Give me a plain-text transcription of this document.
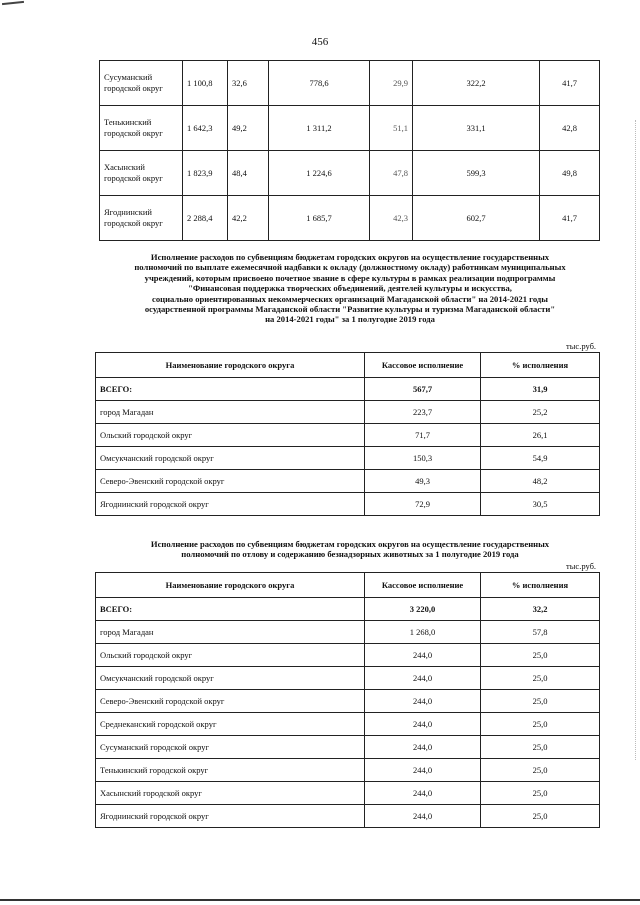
456
Сусуманский городской округ	1 100,8	32,6	778,6	29,9	322,2	41,7
Тенькинский городской округ	1 642,3	49,2	1 311,2	51,1	331,1	42,8
Хасынский городской округ	1 823,9	48,4	1 224,6	47,8	599,3	49,8
Ягоднинский городской округ	2 288,4	42,2	1 685,7	42,3	602,7	41,7
Исполнение расходов по субвенциям бюджетам городских округов на осуществление государственных
полномочий по выплате ежемесячной надбавки к окладу (должностному окладу) работникам муниципальных
учреждений, которым присвоено почетное звание в сфере культуры в рамках реализации подпрограммы
"Финансовая поддержка творческих объединений, деятелей культуры и искусства,
социально ориентированных некоммерческих организаций Магаданской области" на 2014-2021 годы
осударственной программы Магаданской области "Развитие культуры и туризма Магаданской области"
на 2014-2021 годы" за 1 полугодие 2019 года
тыс.руб.
Наименование городского округа	Кассовое исполнение	% исполнения
ВСЕГО:	567,7	31,9
город Магадан	223,7	25,2
Ольский городской округ	71,7	26,1
Омсукчанский городской округ	150,3	54,9
Северо-Эвенский городской округ	49,3	48,2
Ягоднинский городской округ	72,9	30,5
Исполнение расходов по субвенциям бюджетам городских округов на осуществление государственных
полномочий по отлову и содержанию безнадзорных животных за 1 полугодие 2019 года
тыс.руб.
Наименование городского округа	Кассовое исполнение	% исполнения
ВСЕГО:	3 220,0	32,2
город Магадан	1 268,0	57,8
Ольский городской округ	244,0	25,0
Омсукчанский городской округ	244,0	25,0
Северо-Эвенский городской округ	244,0	25,0
Среднеканский городской округ	244,0	25,0
Сусуманский городской округ	244,0	25,0
Тенькинский городской округ	244,0	25,0
Хасынский городской округ	244,0	25,0
Ягоднинский городской округ	244,0	25,0
